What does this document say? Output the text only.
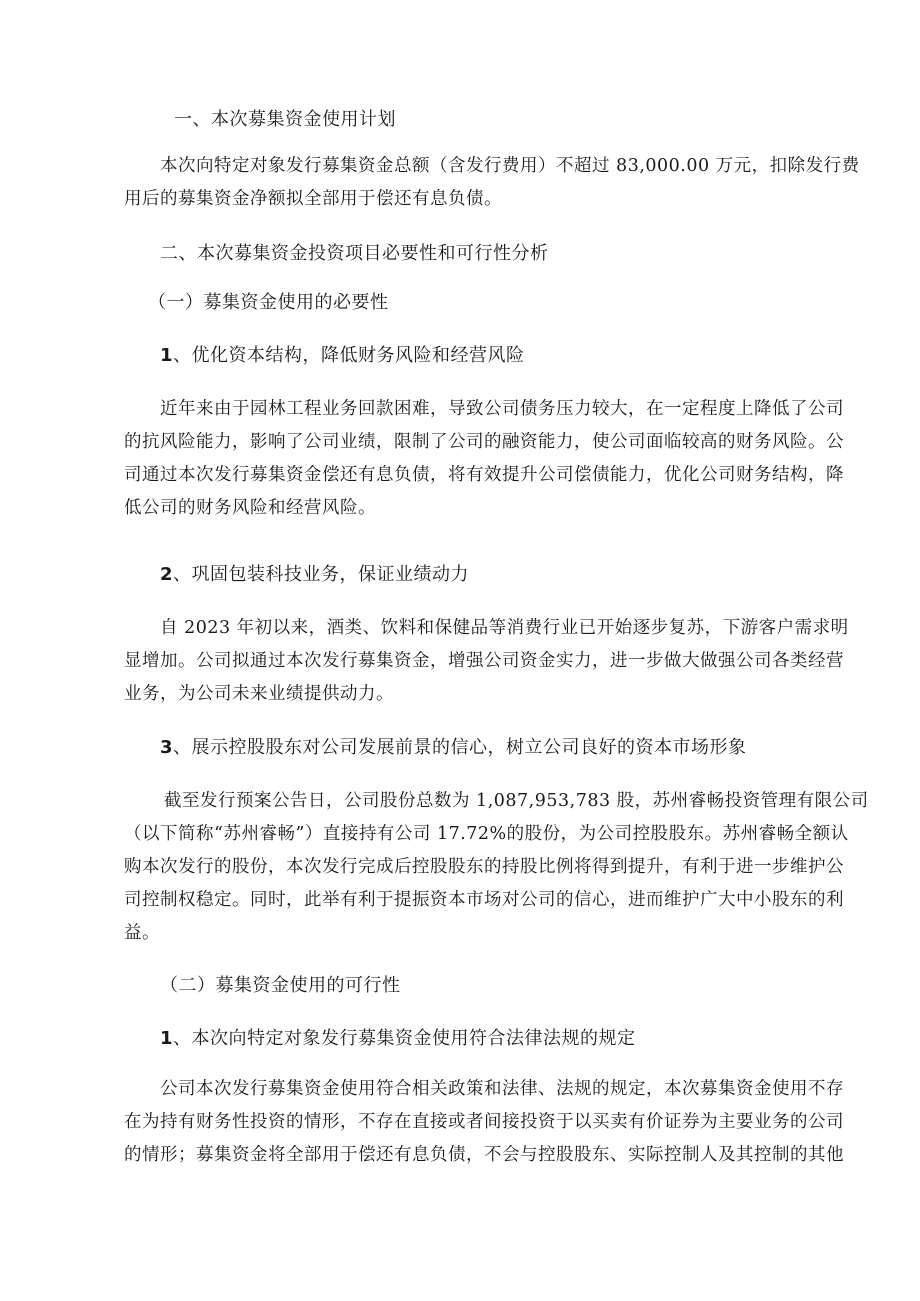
一、本次募集资金使用计划

本次向特定对象发行募集资金总额（含发行费用）不超过 83,000.00 万元，扣除发行费
用后的募集资金净额拟全部用于偿还有息负债。

二、本次募集资金投资项目必要性和可行性分析

（一）募集资金使用的必要性

1、优化资本结构，降低财务风险和经营风险

近年来由于园林工程业务回款困难，导致公司债务压力较大，在一定程度上降低了公司
的抗风险能力，影响了公司业绩，限制了公司的融资能力，使公司面临较高的财务风险。公
司通过本次发行募集资金偿还有息负债，将有效提升公司偿债能力，优化公司财务结构，降
低公司的财务风险和经营风险。

2、巩固包装科技业务，保证业绩动力

自 2023 年初以来，酒类、饮料和保健品等消费行业已开始逐步复苏，下游客户需求明
显增加。公司拟通过本次发行募集资金，增强公司资金实力，进一步做大做强公司各类经营
业务，为公司未来业绩提供动力。

3、展示控股股东对公司发展前景的信心，树立公司良好的资本市场形象

截至发行预案公告日，公司股份总数为 1,087,953,783 股，苏州睿畅投资管理有限公司
（以下简称“苏州睿畅”）直接持有公司 17.72%的股份，为公司控股股东。苏州睿畅全额认
购本次发行的股份，本次发行完成后控股股东的持股比例将得到提升，有利于进一步维护公
司控制权稳定。同时，此举有利于提振资本市场对公司的信心，进而维护广大中小股东的利
益。

（二）募集资金使用的可行性

1、本次向特定对象发行募集资金使用符合法律法规的规定

公司本次发行募集资金使用符合相关政策和法律、法规的规定，本次募集资金使用不存
在为持有财务性投资的情形，不存在直接或者间接投资于以买卖有价证券为主要业务的公司
的情形；募集资金将全部用于偿还有息负债，不会与控股股东、实际控制人及其控制的其他
